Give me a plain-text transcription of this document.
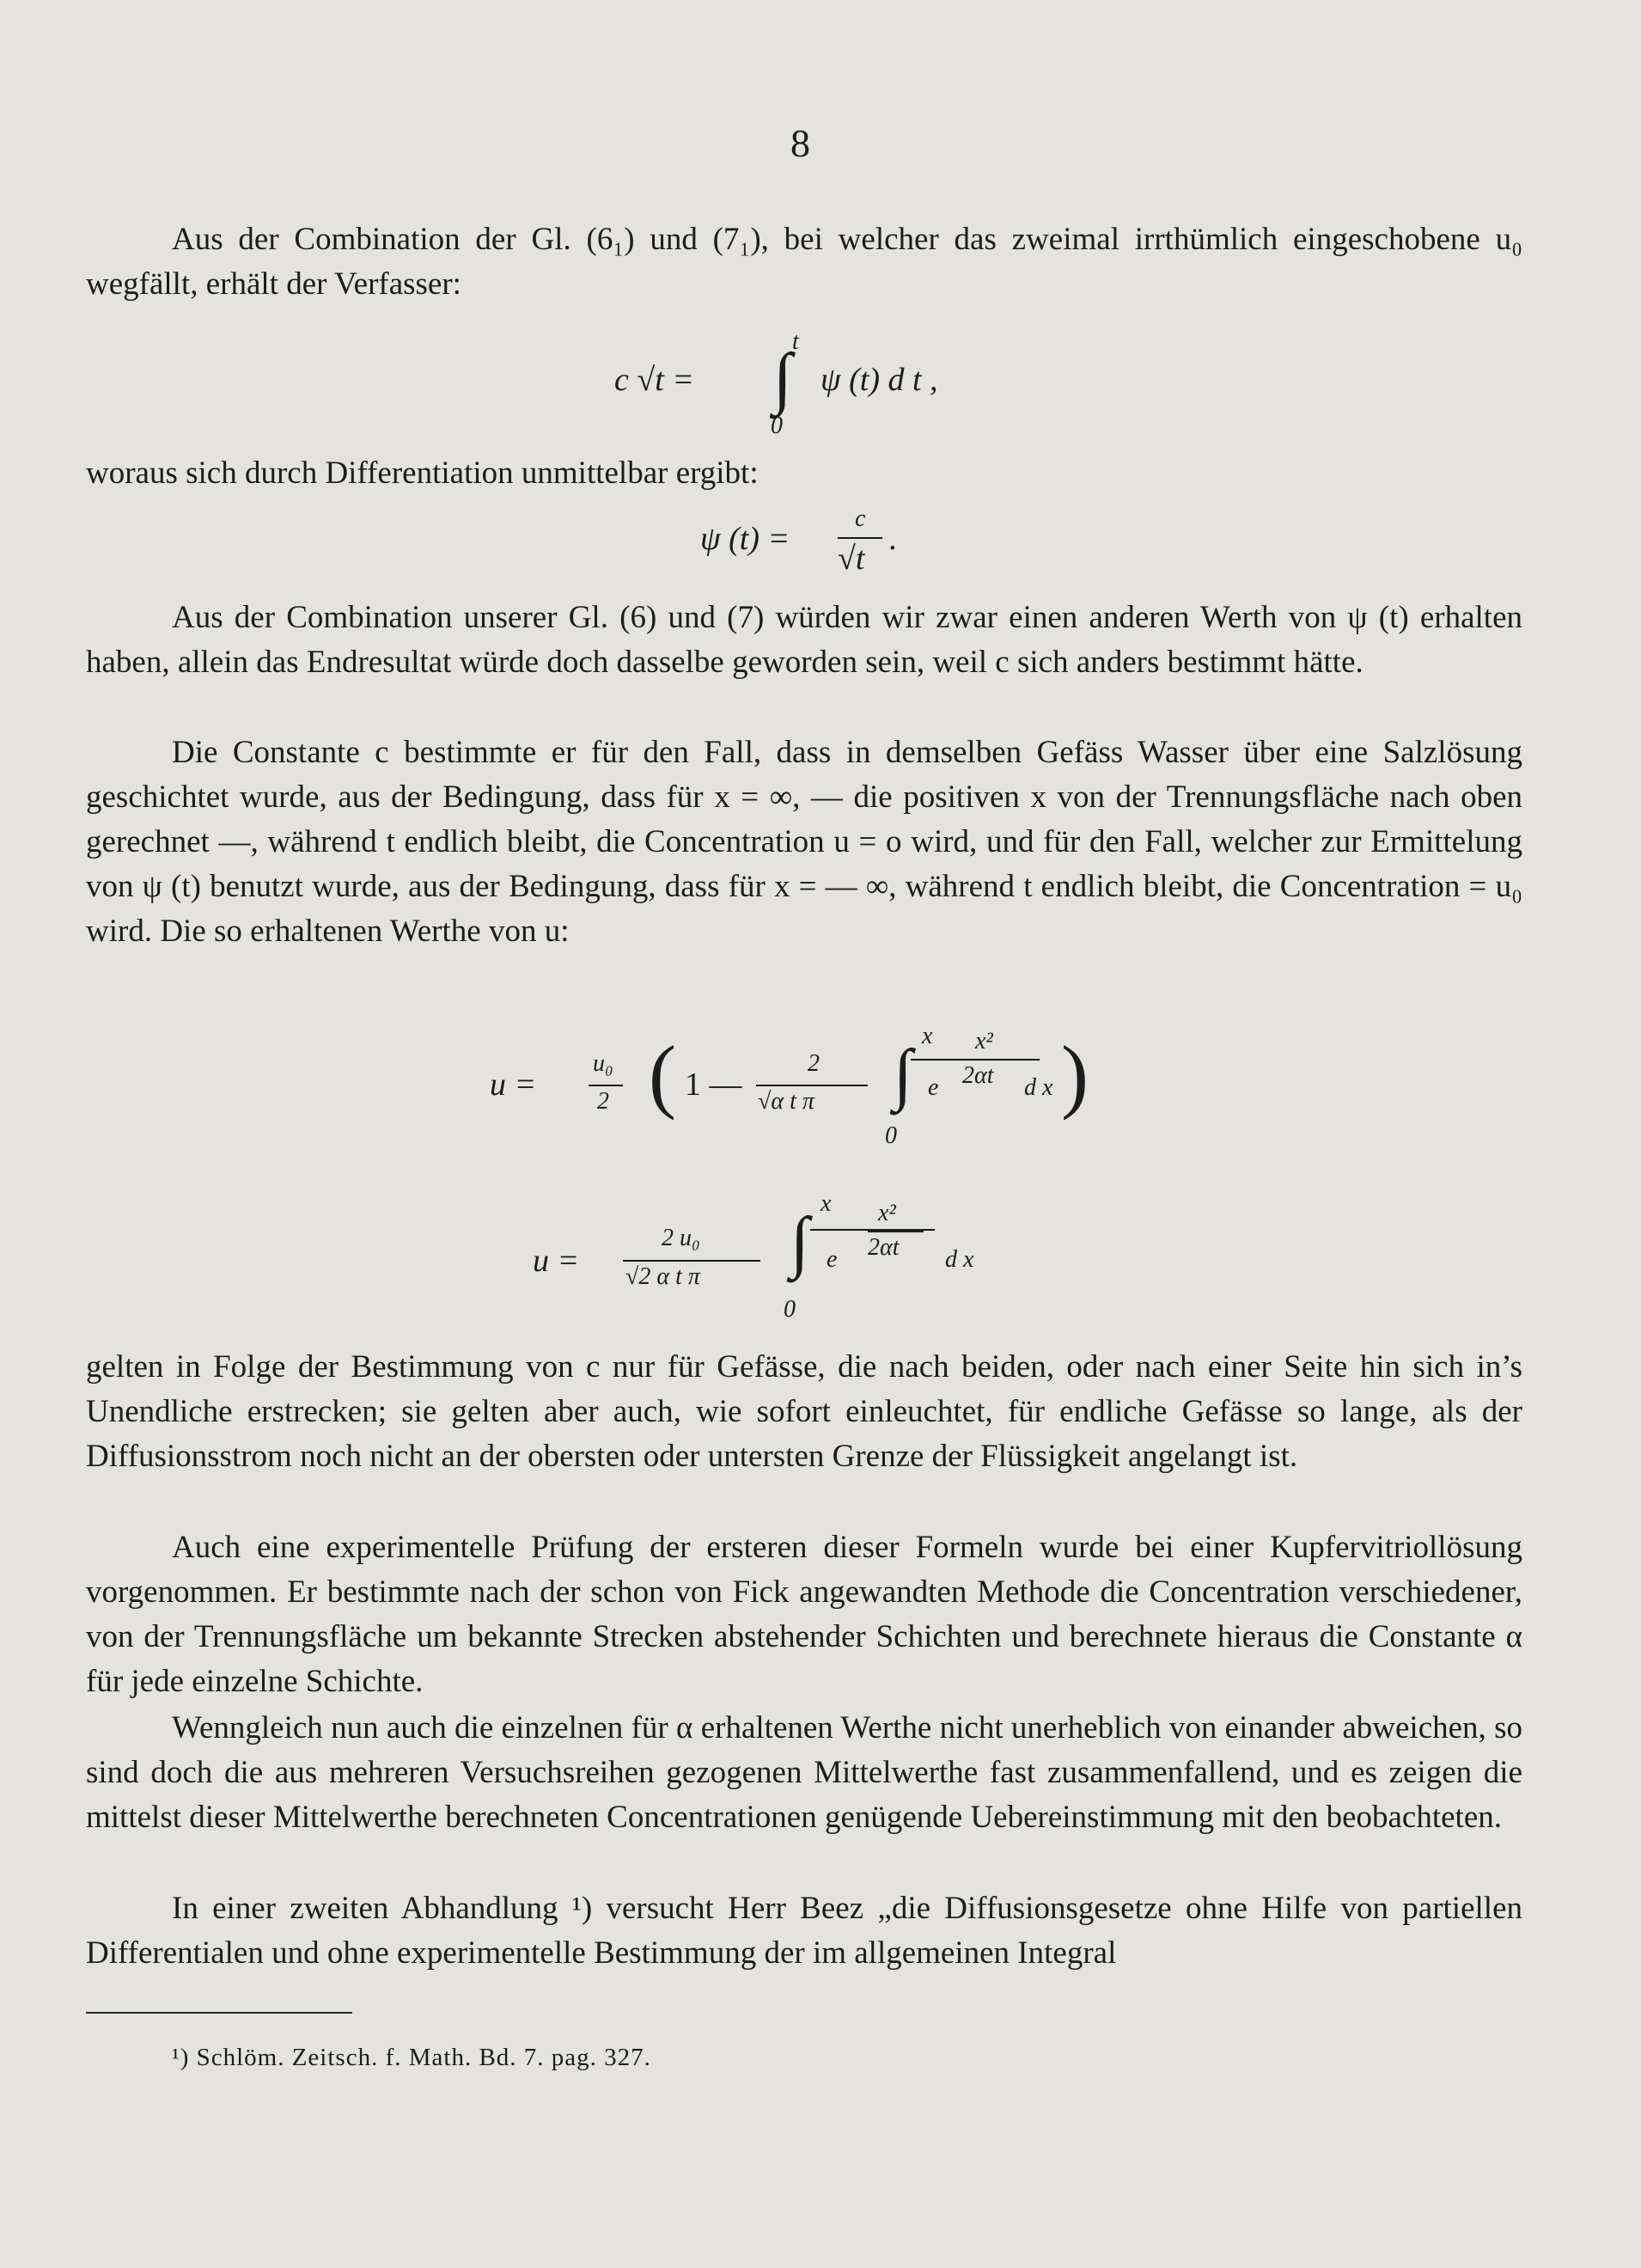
8

Aus der Combination der Gl. (6₁) und (7₁), bei welcher das zweimal irrthümlich eingeschobene u₀ wegfällt, erhält der Verfasser:

c √t =
t
∫
0
ψ (t) d t ,

woraus sich durch Differentiation unmittelbar ergibt:

ψ (t) =
c
√t
.

Aus der Combination unserer Gl. (6) und (7) würden wir zwar einen anderen Werth von ψ (t) erhalten haben, allein das Endresultat würde doch dasselbe geworden sein, weil c sich anders bestimmt hätte.

Die Constante c bestimmte er für den Fall, dass in demselben Gefäss Wasser über eine Salzlösung geschichtet wurde, aus der Bedingung, dass für x = ∞, — die positiven x von der Trennungsfläche nach oben gerechnet —, während t endlich bleibt, die Concentration u = o wird, und für den Fall, welcher zur Ermittelung von ψ (t) benutzt wurde, aus der Bedingung, dass für x = — ∞, während t endlich bleibt, die Concentration = u₀ wird. Die so erhaltenen Werthe von u:

u =
u₀
2 ( 1 —
2
√α t π
x
∫
0
x²
2αt
e	d x )
u =
2 u₀
√2 α t π
x
∫
0
x²
2αt
e	d x

gelten in Folge der Bestimmung von c nur für Gefässe, die nach beiden, oder nach einer Seite hin sich in’s Unendliche erstrecken; sie gelten aber auch, wie sofort einleuchtet, für endliche Gefässe so lange, als der Diffusionsstrom noch nicht an der obersten oder untersten Grenze der Flüssigkeit angelangt ist.

Auch eine experimentelle Prüfung der ersteren dieser Formeln wurde bei einer Kupfervitriollösung vorgenommen. Er bestimmte nach der schon von Fick angewandten Methode die Concentration verschiedener, von der Trennungsfläche um bekannte Strecken abstehender Schichten und berechnete hieraus die Constante α für jede einzelne Schichte.

Wenngleich nun auch die einzelnen für α erhaltenen Werthe nicht unerheblich von einander abweichen, so sind doch die aus mehreren Versuchsreihen gezogenen Mittelwerthe fast zusammenfallend, und es zeigen die mittelst dieser Mittelwerthe berechneten Concentrationen genügende Uebereinstimmung mit den beobachteten.

In einer zweiten Abhandlung ¹) versucht Herr Beez „die Diffusionsgesetze ohne Hilfe von partiellen Differentialen und ohne experimentelle Bestimmung der im allgemeinen Integral

¹) Schlöm. Zeitsch. f. Math. Bd. 7. pag. 327.
